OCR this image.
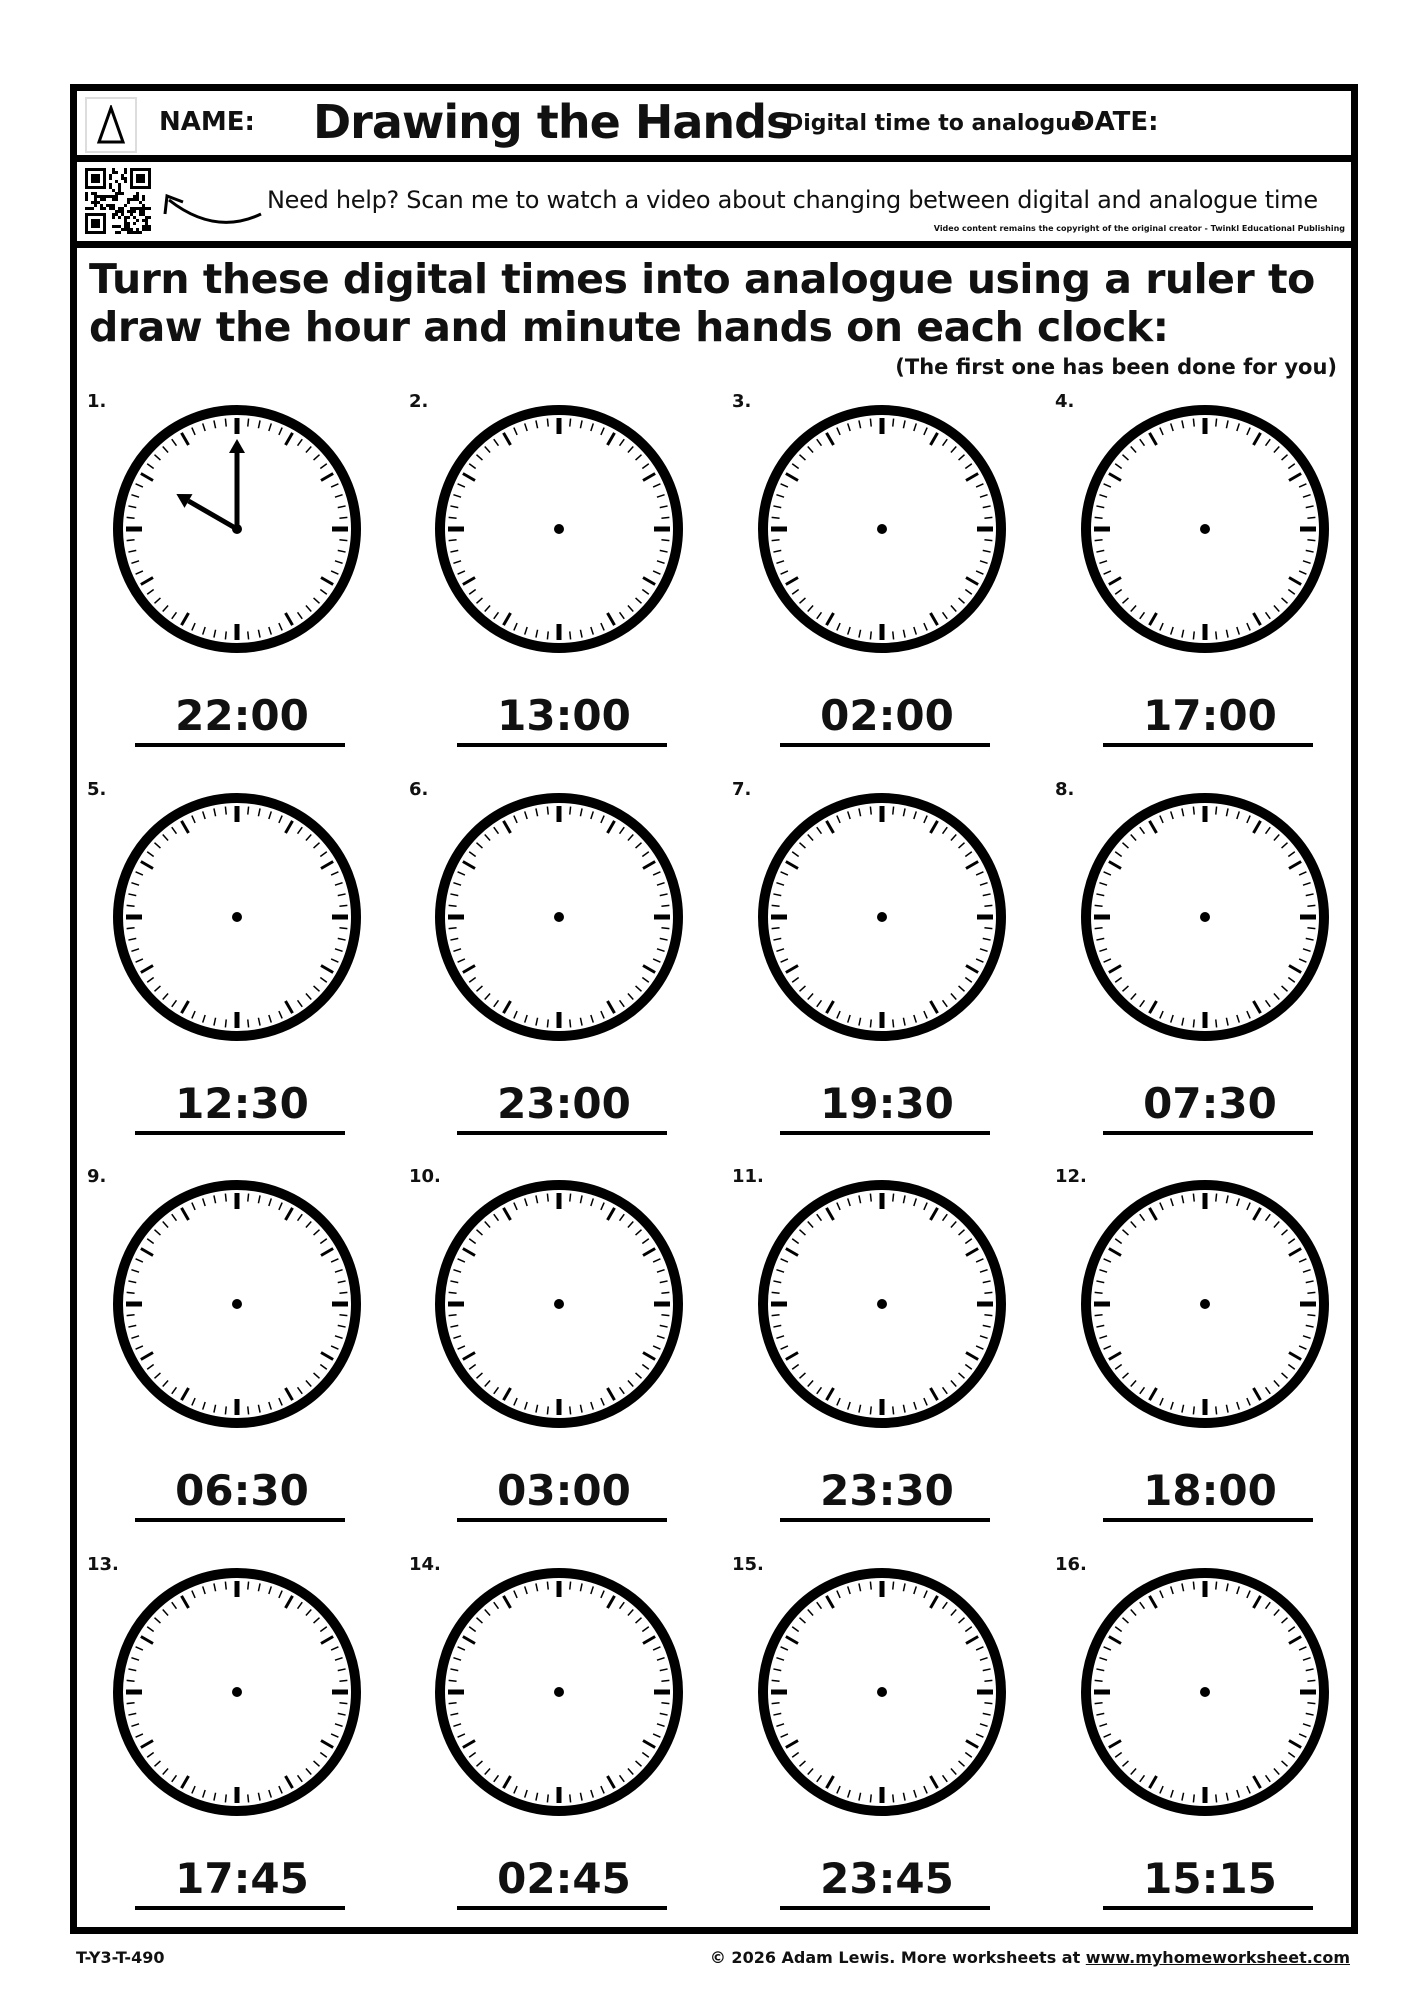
NAME: Drawing the Hands
Digital time to analogue
DATE:
Need help? Scan me to watch a video about changing between digital and analogue time
Video content remains the copyright of the original creator - Twinkl Educational Publishing
Turn these digital times into analogue using a ruler to draw the hour and minute hands on each clock:
(The first one has been done for you)
1.
22:00
2.
13:00
3.
02:00
4.
17:00
5.
12:30
6.
23:00
7.
19:30
8.
07:30
9.
06:30
10.
03:00
11.
23:30
12.
18:00
13.
17:45
14.
02:45
15.
23:45
16.
15:15
T-Y3-T-490	© 2026 Adam Lewis. More worksheets at www.myhomeworksheet.com
